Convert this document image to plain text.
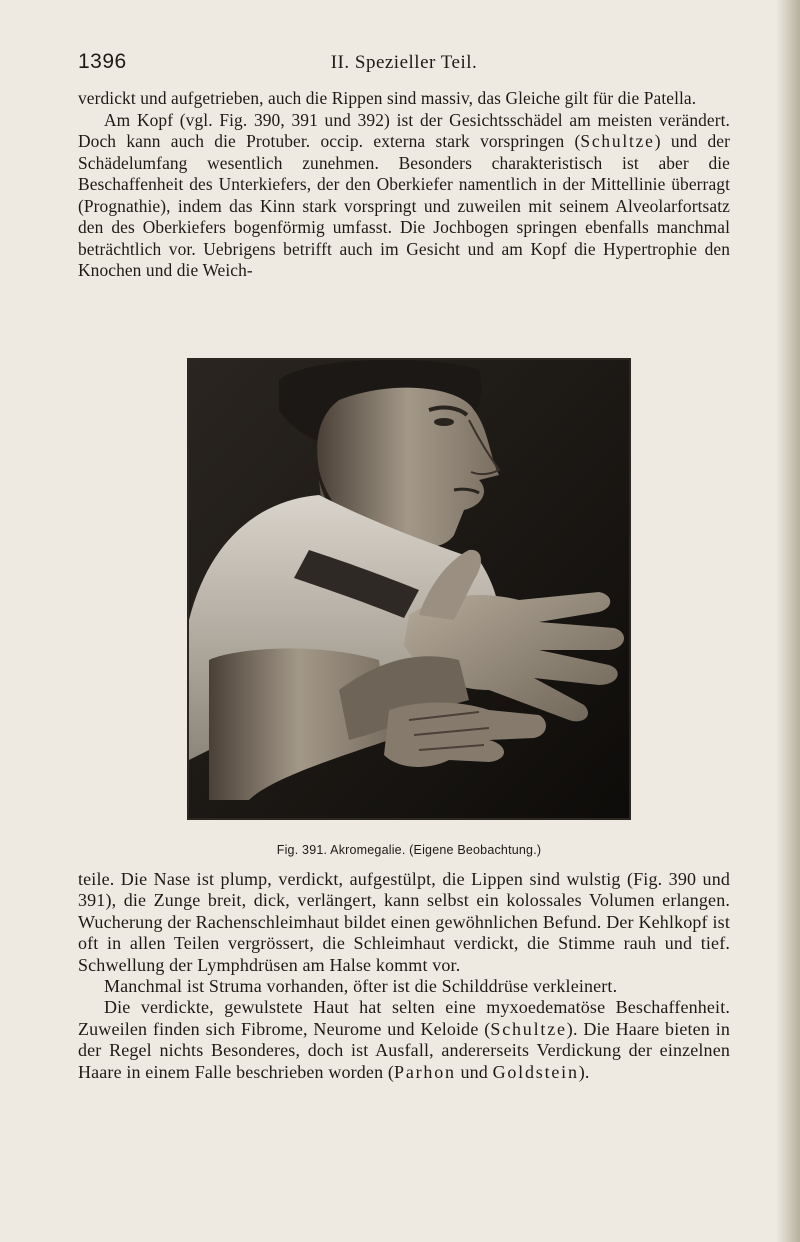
1396	II. Spezieller Teil.

verdickt und aufgetrieben, auch die Rippen sind massiv, das Gleiche gilt für die Patella.

Am Kopf (vgl. Fig. 390, 391 und 392) ist der Gesichtsschädel am meisten verändert. Doch kann auch die Protuber. occip. externa stark vorspringen (Schultze) und der Schädelumfang wesentlich zunehmen. Besonders charakteristisch ist aber die Beschaffenheit des Unterkiefers, der den Oberkiefer namentlich in der Mittellinie überragt (Prognathie), indem das Kinn stark vorspringt und zuweilen mit seinem Alveolarfortsatz den des Oberkiefers bogenförmig umfasst. Die Jochbogen springen ebenfalls manchmal beträchtlich vor. Uebrigens betrifft auch im Gesicht und am Kopf die Hypertrophie den Knochen und die Weich-

Fig. 391. Akromegalie. (Eigene Beobachtung.)

teile. Die Nase ist plump, verdickt, aufgestülpt, die Lippen sind wulstig (Fig. 390 und 391), die Zunge breit, dick, verlängert, kann selbst ein kolossales Volumen erlangen. Wucherung der Rachenschleimhaut bildet einen gewöhnlichen Befund. Der Kehlkopf ist oft in allen Teilen vergrössert, die Schleimhaut verdickt, die Stimme rauh und tief. Schwellung der Lymphdrüsen am Halse kommt vor.

Manchmal ist Struma vorhanden, öfter ist die Schilddrüse verkleinert.

Die verdickte, gewulstete Haut hat selten eine myxoedematöse Beschaffenheit. Zuweilen finden sich Fibrome, Neurome und Keloide (Schultze). Die Haare bieten in der Regel nichts Besonderes, doch ist Ausfall, andererseits Verdickung der einzelnen Haare in einem Falle beschrieben worden (Parhon und Goldstein).
